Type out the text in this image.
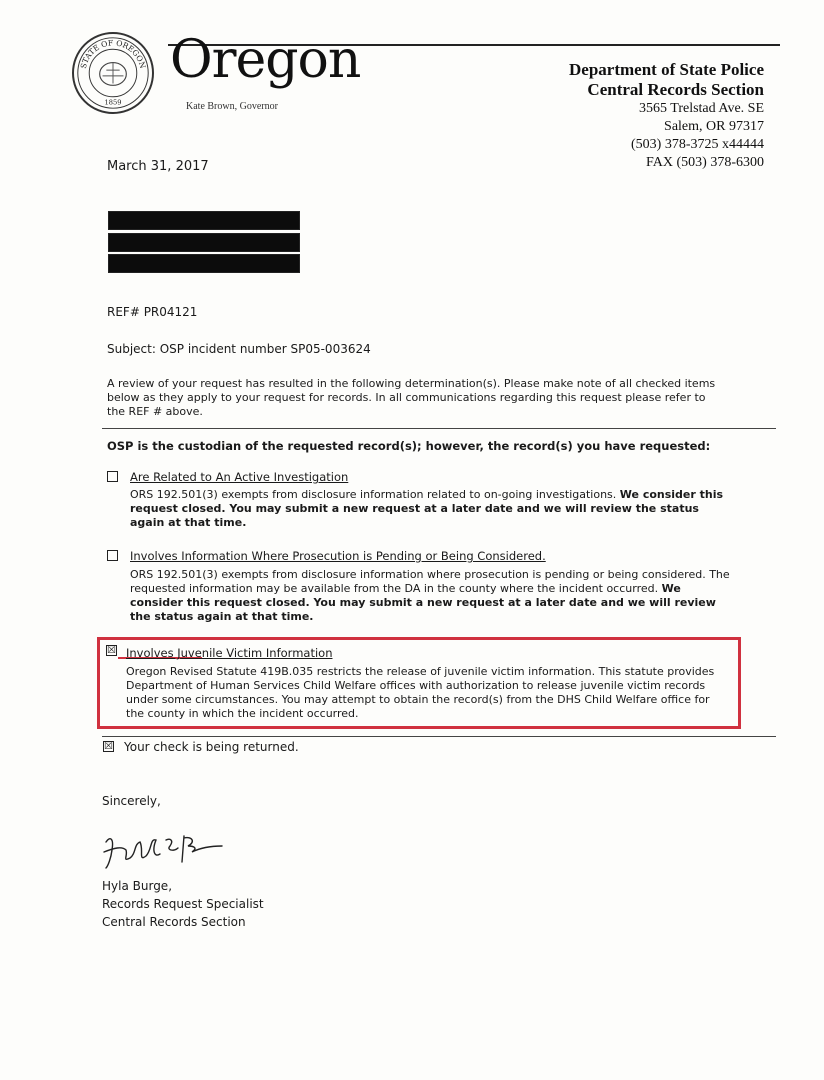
STATE OF OREGON
1859
Oregon
Kate Brown, Governor
Department of State Police
Central Records Section
3565 Trelstad Ave. SE
Salem, OR 97317
(503) 378-3725 x44444
FAX (503) 378-6300
March 31, 2017
REF# PR04121
Subject: OSP incident number SP05-003624
A review of your request has resulted in the following determination(s). Please make note of all checked items below as they apply to your request for records. In all communications regarding this request please refer to the REF # above.
OSP is the custodian of the requested record(s); however, the record(s) you have requested:
Are Related to An Active Investigation
ORS 192.501(3) exempts from disclosure information related to on-going investigations. We consider this request closed. You may submit a new request at a later date and we will review the status again at that time.
Involves Information Where Prosecution is Pending or Being Considered.
ORS 192.501(3) exempts from disclosure information where prosecution is pending or being considered. The requested information may be available from the DA in the county where the incident occurred. We consider this request closed. You may submit a new request at a later date and we will review the status again at that time.
☒ Involves Juvenile Victim Information
Oregon Revised Statute 419B.035 restricts the release of juvenile victim information. This statute provides Department of Human Services Child Welfare offices with authorization to release juvenile victim records under some circumstances. You may attempt to obtain the record(s) from the DHS Child Welfare office for the county in which the incident occurred.
☒ Your check is being returned.
Sincerely,
Hyla Burge,
Records Request Specialist
Central Records Section
